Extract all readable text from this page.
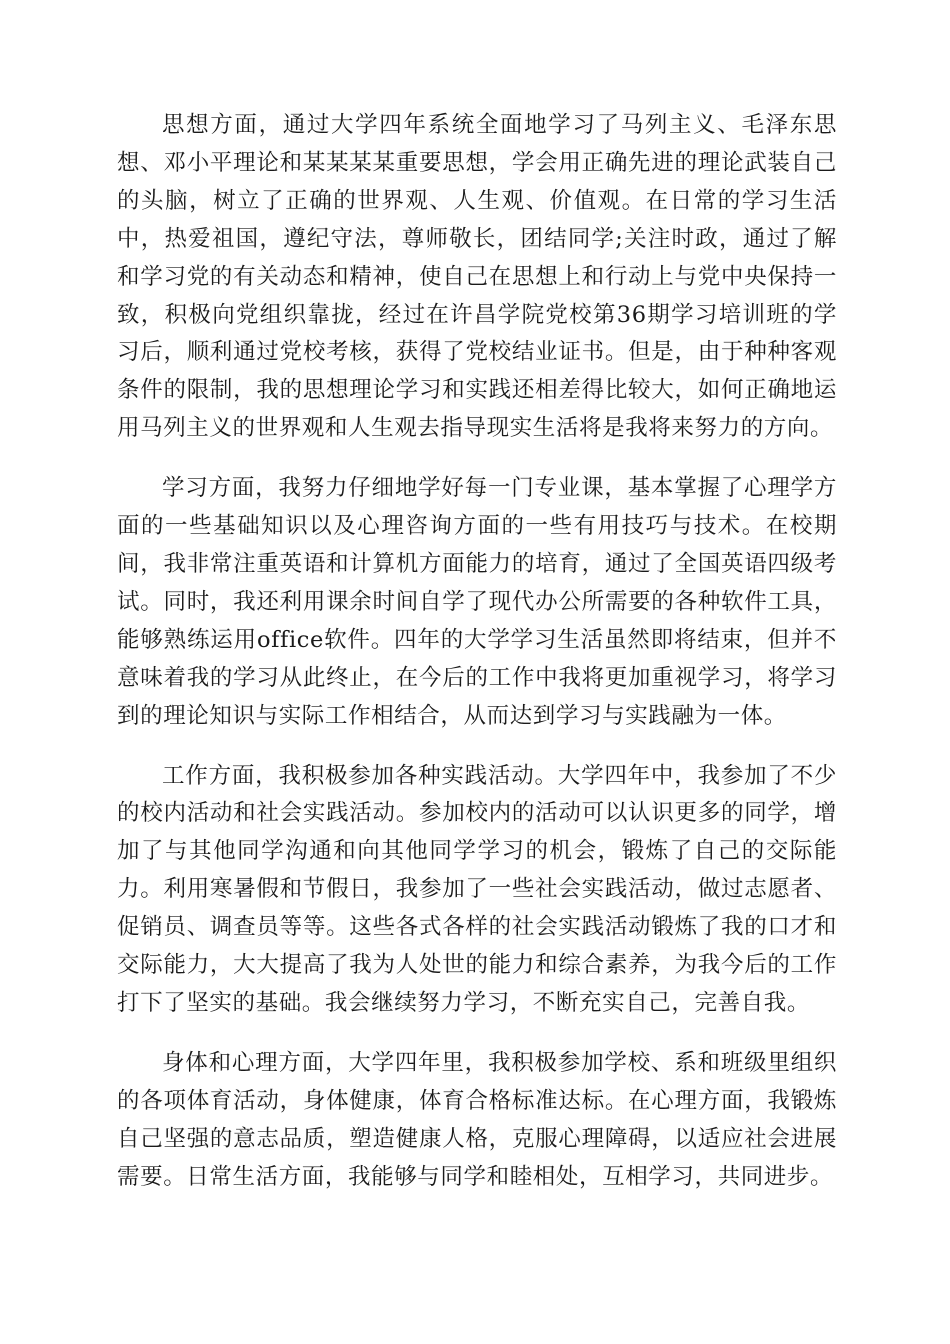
思想方面，通过大学四年系统全面地学习了马列主义、毛泽东思想、邓小平理论和某某某某重要思想，学会用正确先进的理论武装自己的头脑，树立了正确的世界观、人生观、价值观。在日常的学习生活中，热爱祖国，遵纪守法，尊师敬长，团结同学;关注时政，通过了解和学习党的有关动态和精神，使自己在思想上和行动上与党中央保持一致，积极向党组织靠拢，经过在许昌学院党校第36期学习培训班的学习后，顺利通过党校考核，获得了党校结业证书。但是，由于种种客观条件的限制，我的思想理论学习和实践还相差得比较大，如何正确地运用马列主义的世界观和人生观去指导现实生活将是我将来努力的方向。

学习方面，我努力仔细地学好每一门专业课，基本掌握了心理学方面的一些基础知识以及心理咨询方面的一些有用技巧与技术。在校期间，我非常注重英语和计算机方面能力的培育，通过了全国英语四级考试。同时，我还利用课余时间自学了现代办公所需要的各种软件工具，能够熟练运用office软件。四年的大学学习生活虽然即将结束，但并不意味着我的学习从此终止，在今后的工作中我将更加重视学习，将学习到的理论知识与实际工作相结合，从而达到学习与实践融为一体。

工作方面，我积极参加各种实践活动。大学四年中，我参加了不少的校内活动和社会实践活动。参加校内的活动可以认识更多的同学，增加了与其他同学沟通和向其他同学学习的机会，锻炼了自己的交际能力。利用寒暑假和节假日，我参加了一些社会实践活动，做过志愿者、促销员、调查员等等。这些各式各样的社会实践活动锻炼了我的口才和交际能力，大大提高了我为人处世的能力和综合素养，为我今后的工作打下了坚实的基础。我会继续努力学习，不断充实自己，完善自我。

身体和心理方面，大学四年里，我积极参加学校、系和班级里组织的各项体育活动，身体健康，体育合格标准达标。在心理方面，我锻炼自己坚强的意志品质，塑造健康人格，克服心理障碍，以适应社会进展需要。日常生活方面，我能够与同学和睦相处，互相学习，共同进步。
